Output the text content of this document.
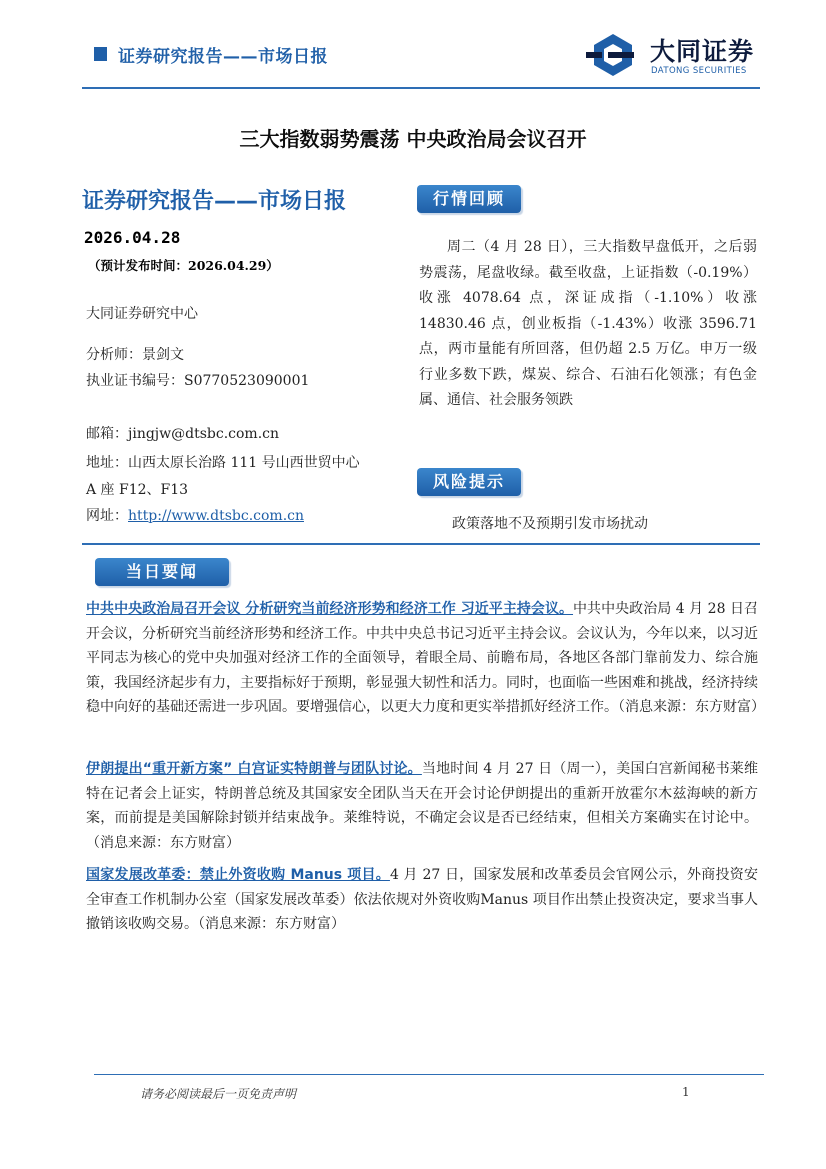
证券研究报告——市场日报	大同证券
DATONG SECURITIES
三大指数弱势震荡 中央政治局会议召开
证券研究报告——市场日报
2026.04.28
（预计发布时间：2026.04.29）
大同证券研究中心
分析师：景剑文
执业证书编号：S0770523090001
邮箱：jingjw@dtsbc.com.cn
地址：山西太原长治路 111 号山西世贸中心
A 座 F12、F13
网址：http://www.dtsbc.com.cn
行情回顾
周二（4 月 28 日），三大指数早盘低开，之后弱势震荡，尾盘收绿。截至收盘，上证指数（-0.19%）收涨 4078.64 点，深证成指（-1.10%）收涨 14830.46 点，创业板指（-1.43%）收涨 3596.71 点，两市量能有所回落，但仍超 2.5 万亿。申万一级行业多数下跌，煤炭、综合、石油石化领涨；有色金属、通信、社会服务领跌
风险提示
政策落地不及预期引发市场扰动
当日要闻
中共中央政治局召开会议 分析研究当前经济形势和经济工作 习近平主持会议。中共中央政治局 4 月 28 日召开会议，分析研究当前经济形势和经济工作。中共中央总书记习近平主持会议。会议认为，今年以来，以习近平同志为核心的党中央加强对经济工作的全面领导，着眼全局、前瞻布局，各地区各部门靠前发力、综合施策，我国经济起步有力，主要指标好于预期，彰显强大韧性和活力。同时，也面临一些困难和挑战，经济持续稳中向好的基础还需进一步巩固。要增强信心，以更大力度和更实举措抓好经济工作。（消息来源：东方财富）
伊朗提出“重开新方案” 白宫证实特朗普与团队讨论。当地时间 4 月 27 日（周一），美国白宫新闻秘书莱维特在记者会上证实，特朗普总统及其国家安全团队当天在开会讨论伊朗提出的重新开放霍尔木兹海峡的新方案，而前提是美国解除封锁并结束战争。莱维特说，不确定会议是否已经结束，但相关方案确实在讨论中。（消息来源：东方财富）
国家发展改革委：禁止外资收购 Manus 项目。4 月 27 日，国家发展和改革委员会官网公示，外商投资安全审查工作机制办公室（国家发展改革委）依法依规对外资收购Manus 项目作出禁止投资决定，要求当事人撤销该收购交易。（消息来源：东方财富）
请务必阅读最后一页免责声明	1
